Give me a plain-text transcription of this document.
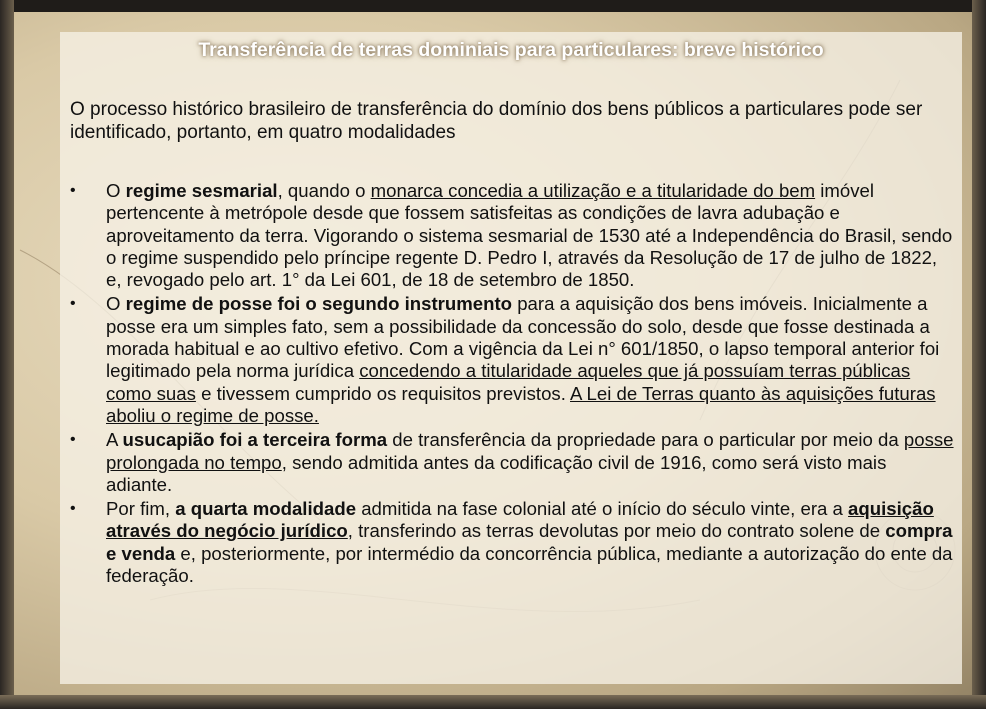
Transferência de terras dominiais para particulares: breve histórico
O processo histórico brasileiro de transferência do domínio dos bens públicos a particulares pode ser identificado, portanto, em quatro modalidades
• O regime sesmarial, quando o monarca concedia a utilização e a titularidade do bem imóvel pertencente à metrópole desde que fossem satisfeitas as condições de lavra adubação e aproveitamento da terra. Vigorando o sistema sesmarial de 1530 até a Independência do Brasil, sendo o regime suspendido pelo príncipe regente D. Pedro I, através da Resolução de 17 de julho de 1822, e, revogado pelo art. 1° da Lei 601, de 18 de setembro de 1850.
• O regime de posse foi o segundo instrumento para a aquisição dos bens imóveis. Inicialmente a posse era um simples fato, sem a possibilidade da concessão do solo, desde que fosse destinada a morada habitual e ao cultivo efetivo. Com a vigência da Lei n° 601/1850, o lapso temporal anterior foi legitimado pela norma jurídica concedendo a titularidade aqueles que já possuíam terras públicas como suas e tivessem cumprido os requisitos previstos. A Lei de Terras quanto às aquisições futuras aboliu o regime de posse.
• A usucapião foi a terceira forma de transferência da propriedade para o particular por meio da posse prolongada no tempo, sendo admitida antes da codificação civil de 1916, como será visto mais adiante.
• Por fim, a quarta modalidade admitida na fase colonial até o início do século vinte, era a aquisição através do negócio jurídico, transferindo as terras devolutas por meio do contrato solene de compra e venda e, posteriormente, por intermédio da concorrência pública, mediante a autorização do ente da federação.
